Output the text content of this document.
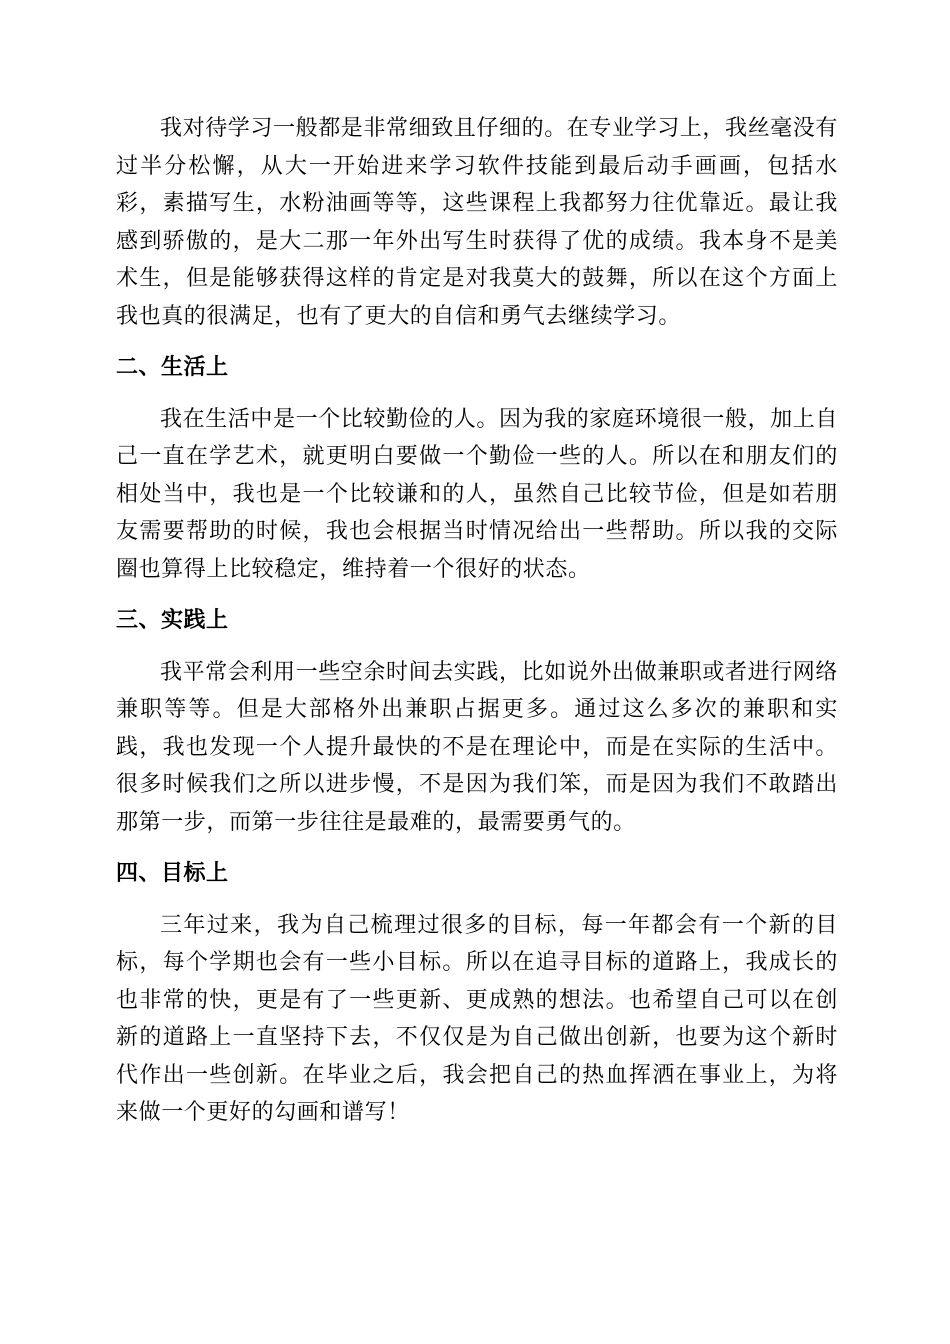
我对待学习一般都是非常细致且仔细的。在专业学习上，我丝毫没有过半分松懈，从大一开始进来学习软件技能到最后动手画画，包括水彩，素描写生，水粉油画等等，这些课程上我都努力往优靠近。最让我感到骄傲的，是大二那一年外出写生时获得了优的成绩。我本身不是美术生，但是能够获得这样的肯定是对我莫大的鼓舞，所以在这个方面上我也真的很满足，也有了更大的自信和勇气去继续学习。

二、生活上

我在生活中是一个比较勤俭的人。因为我的家庭环境很一般，加上自己一直在学艺术，就更明白要做一个勤俭一些的人。所以在和朋友们的相处当中，我也是一个比较谦和的人，虽然自己比较节俭，但是如若朋友需要帮助的时候，我也会根据当时情况给出一些帮助。所以我的交际圈也算得上比较稳定，维持着一个很好的状态。

三、实践上

我平常会利用一些空余时间去实践，比如说外出做兼职或者进行网络兼职等等。但是大部格外出兼职占据更多。通过这么多次的兼职和实践，我也发现一个人提升最快的不是在理论中，而是在实际的生活中。很多时候我们之所以进步慢，不是因为我们笨，而是因为我们不敢踏出那第一步，而第一步往往是最难的，最需要勇气的。

四、目标上

三年过来，我为自己梳理过很多的目标，每一年都会有一个新的目标，每个学期也会有一些小目标。所以在追寻目标的道路上，我成长的也非常的快，更是有了一些更新、更成熟的想法。也希望自己可以在创新的道路上一直坚持下去，不仅仅是为自己做出创新，也要为这个新时代作出一些创新。在毕业之后，我会把自己的热血挥洒在事业上，为将来做一个更好的勾画和谱写！
